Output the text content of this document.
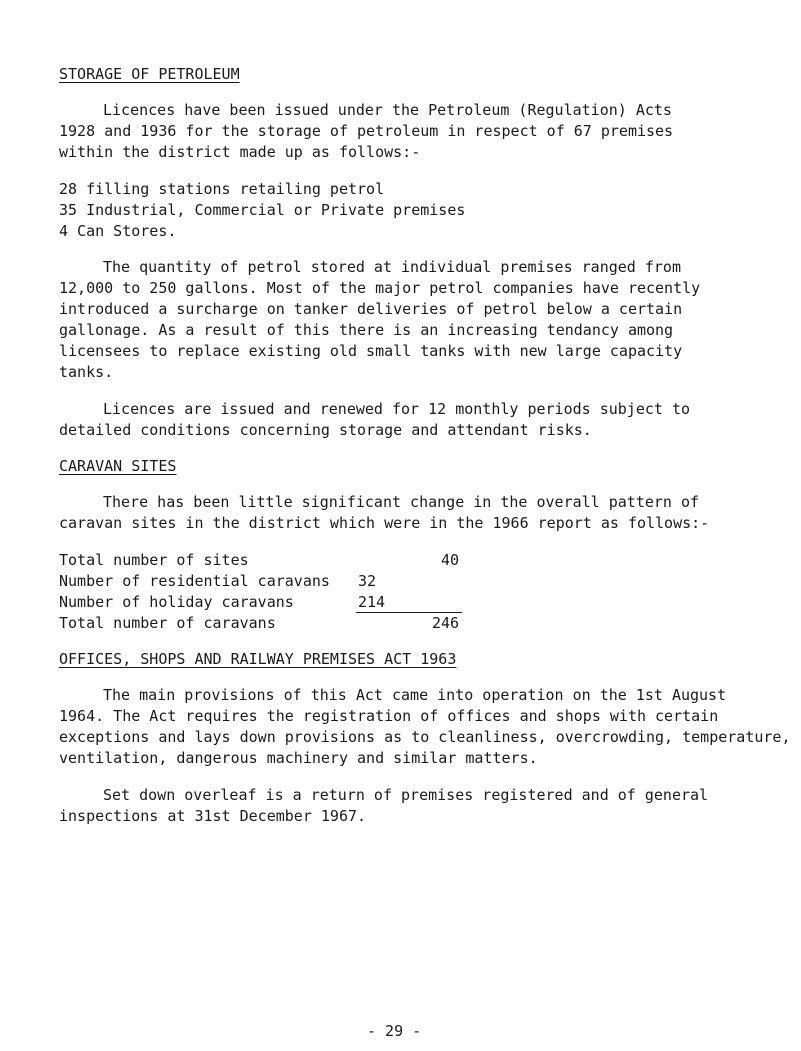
STORAGE OF PETROLEUM
Licences have been issued under the Petroleum (Regulation) Acts
1928 and 1936 for the storage of petroleum in respect of 67 premises
within the district made up as follows:-
28 filling stations retailing petrol
35 Industrial, Commercial or Private premises
4 Can Stores.
The quantity of petrol stored at individual premises ranged from
12,000 to 250 gallons. Most of the major petrol companies have recently
introduced a surcharge on tanker deliveries of petrol below a certain
gallonage. As a result of this there is an increasing tendancy among
licensees to replace existing old small tanks with new large capacity
tanks.
Licences are issued and renewed for 12 monthly periods subject to
detailed conditions concerning storage and attendant risks.
CARAVAN SITES
There has been little significant change in the overall pattern of
caravan sites in the district which were in the 1966 report as follows:-
Total number of sites	40
Number of residential caravans 32
Number of holiday caravans	214
Total number of caravans	246
OFFICES, SHOPS AND RAILWAY PREMISES ACT 1963
The main provisions of this Act came into operation on the 1st August
1964. The Act requires the registration of offices and shops with certain
exceptions and lays down provisions as to cleanliness, overcrowding, temperature,
ventilation, dangerous machinery and similar matters.
Set down overleaf is a return of premises registered and of general
inspections at 31st December 1967.
- 29 -
